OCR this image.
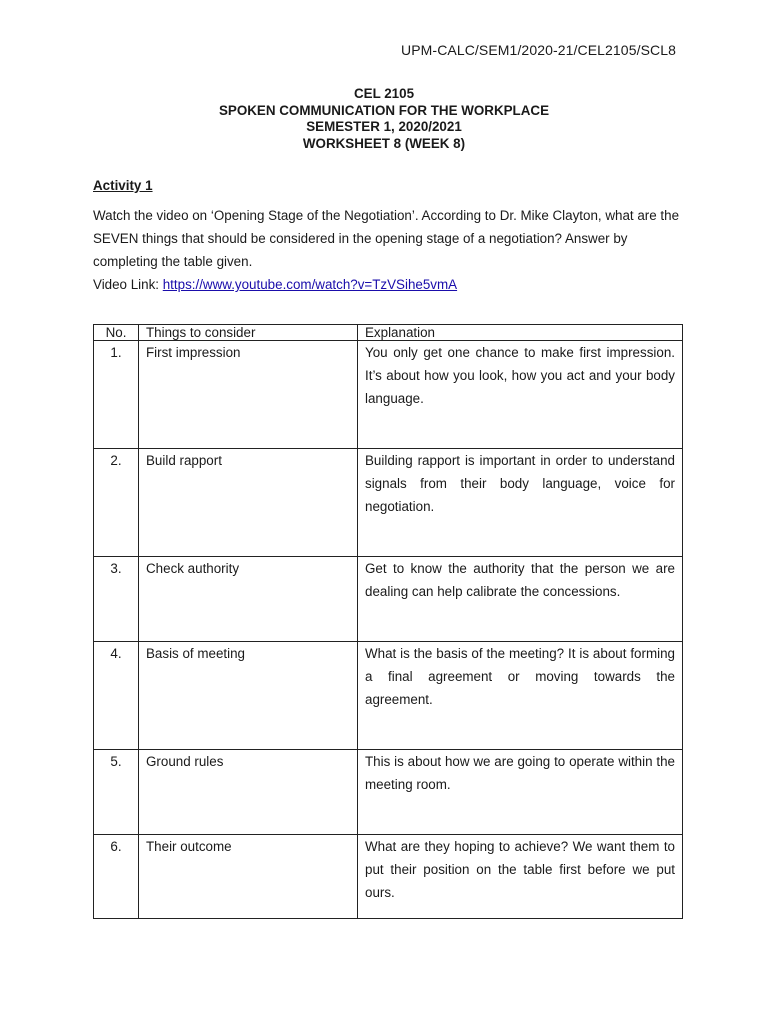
UPM-CALC/SEM1/2020-21/CEL2105/SCL8
CEL 2105
SPOKEN COMMUNICATION FOR THE WORKPLACE
SEMESTER 1, 2020/2021
WORKSHEET 8 (WEEK 8)
Activity 1

Watch the video on ‘Opening Stage of the Negotiation’. According to Dr. Mike Clayton, what are the SEVEN things that should be considered in the opening stage of a negotiation? Answer by completing the table given.

Video Link: https://www.youtube.com/watch?v=TzVSihe5vmA

No.	Things to consider	Explanation
1.	First impression	You only get one chance to make first impression. It’s about how you look, how you act and your body language.
2.	Build rapport	Building rapport is important in order to understand signals from their body language, voice for negotiation.
3.	Check authority	Get to know the authority that the person we are dealing can help calibrate the concessions.
4.	Basis of meeting	What is the basis of the meeting? It is about forming a final agreement or moving towards the agreement.
5.	Ground rules	This is about how we are going to operate within the meeting room.
6.	Their outcome	What are they hoping to achieve? We want them to put their position on the table first before we put ours.
